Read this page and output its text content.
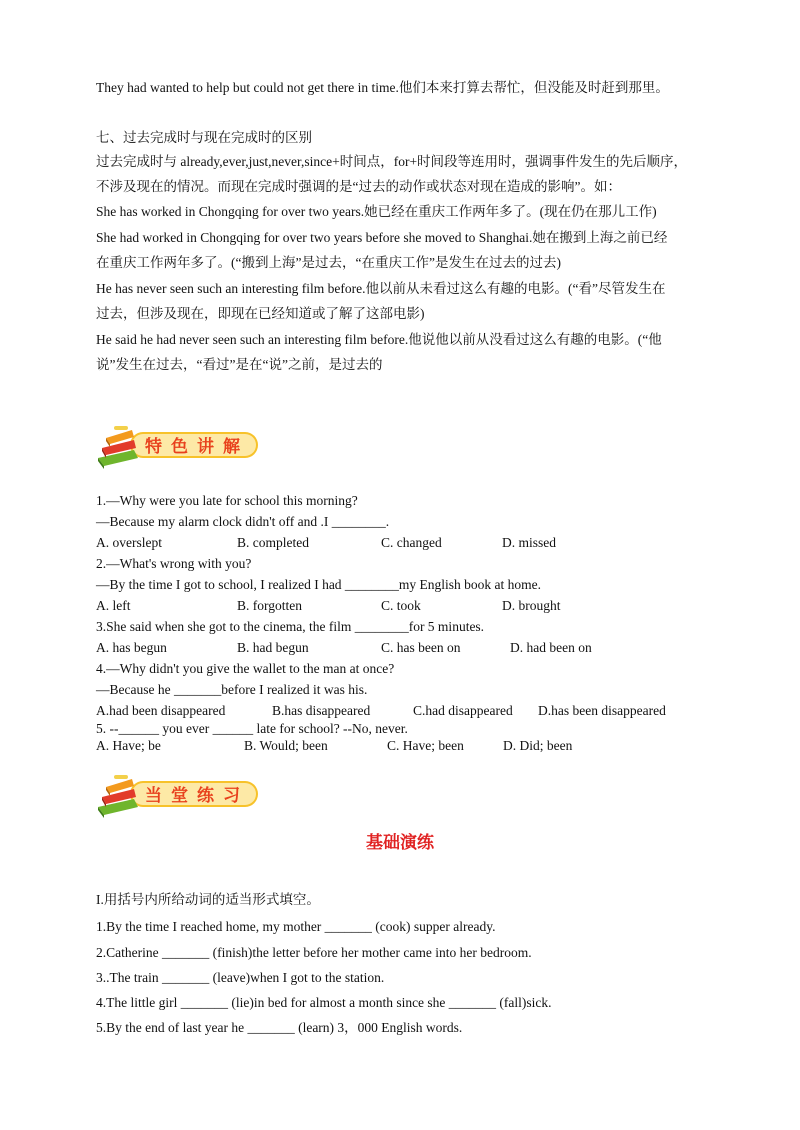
They had wanted to help but could not get there in time.他们本来打算去帮忙，但没能及时赶到那里。
七、过去完成时与现在完成时的区别
过去完成时与 already,ever,just,never,since+时间点，for+时间段等连用时，强调事件发生的先后顺序，
不涉及现在的情况。而现在完成时强调的是“过去的动作或状态对现在造成的影响”。如：
She has worked in Chongqing for over two years.她已经在重庆工作两年多了。(现在仍在那儿工作)
She had worked in Chongqing for over two years before she moved to Shanghai.她在搬到上海之前已经
在重庆工作两年多了。(“搬到上海”是过去，“在重庆工作”是发生在过去的过去)
He has never seen such an interesting film before.他以前从未看过这么有趣的电影。(“看”尽管发生在
过去，但涉及现在，即现在已经知道或了解了这部电影)
He said he had never seen such an interesting film before.他说他以前从没看过这么有趣的电影。(“他
说”发生在过去，“看过”是在“说”之前，是过去的
特色讲解
1.—Why were you late for school this morning?
—Because my alarm clock didn't off and .I ________.
A. overslept	B. completed	C. changed	D. missed
2.—What's wrong with you?
—By the time I got to school, I realized I had ________my English book at home.
A. left	B. forgotten	C. took	D. brought
3.She said when she got to the cinema, the film ________for 5 minutes.
A. has begun	B. had begun	C. has been on	D. had been on
4.—Why didn't you give the wallet to the man at once?
—Because he _______before I realized it was his.
A.had been disappeared	B.has disappeared	C.had disappeared D.has been disappeared
5. --______ you ever ______ late for school? --No, never.
A. Have; be	B. Would; been	C. Have; been	D. Did; been
当堂练习
基础演练
I.用括号内所给动词的适当形式填空。
1.By the time I reached home, my mother _______ (cook) supper already.
2.Catherine _______ (finish)the letter before her mother came into her bedroom.
3..The train _______ (leave)when I got to the station.
4.The little girl _______ (lie)in bed for almost a month since she _______ (fall)sick.
5.By the end of last year he _______ (learn) 3，000 English words.
